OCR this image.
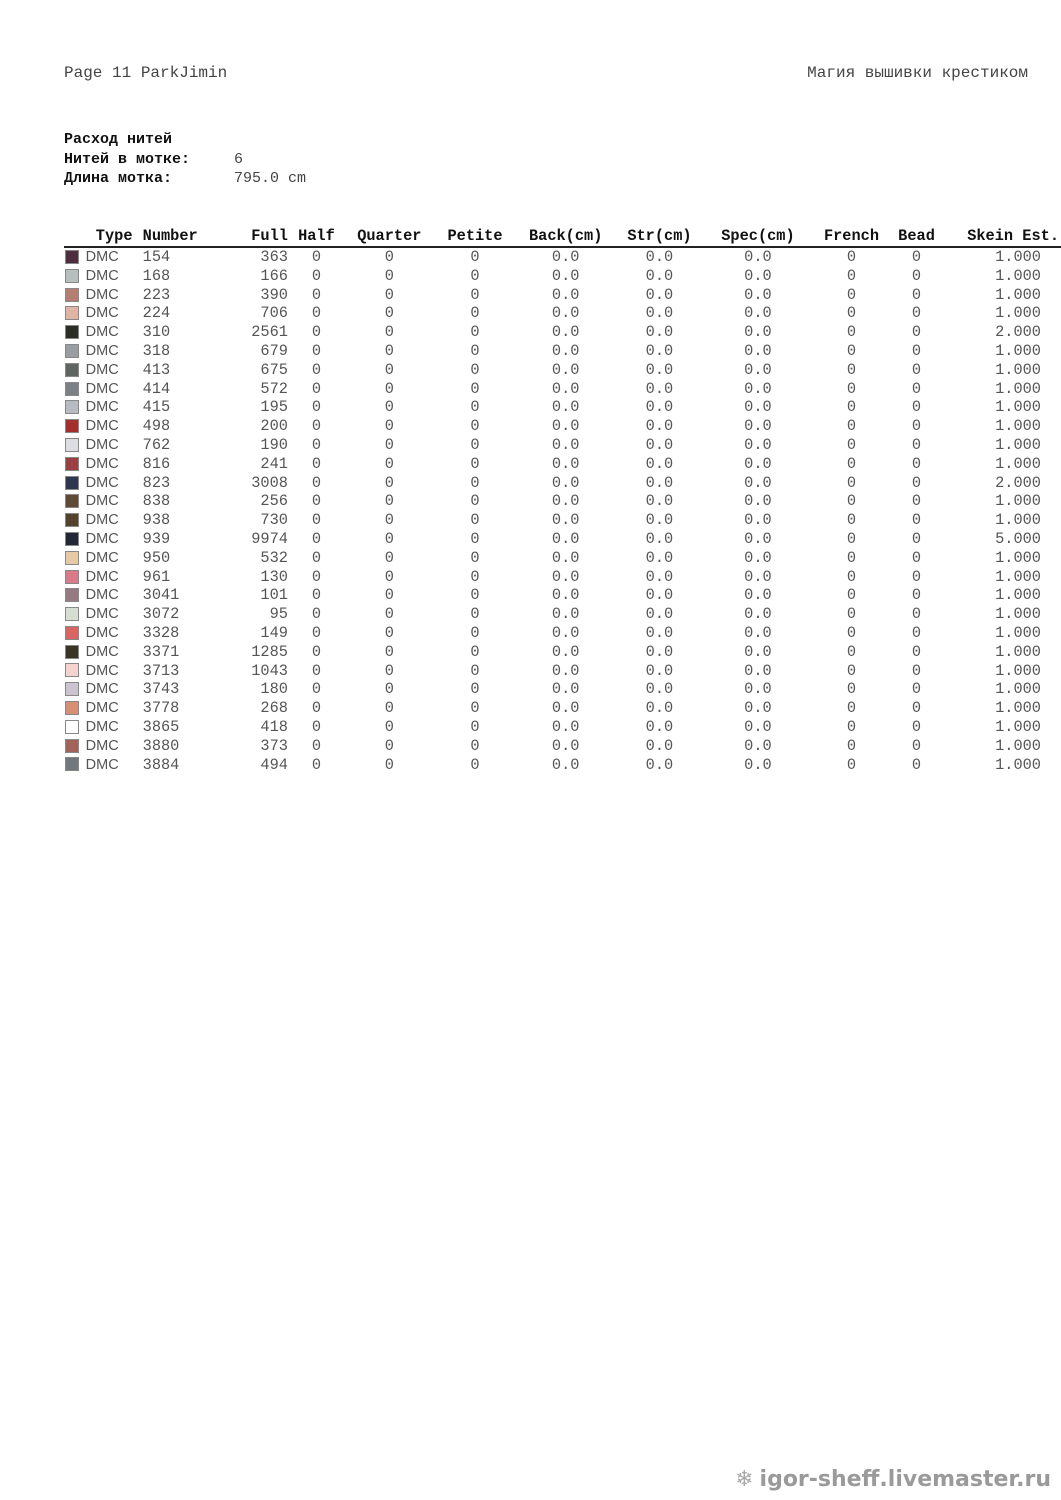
Page 11 ParkJimin	Магия вышивки крестиком
Расход нитей
Нитей в мотке:	6
Длина мотка:	795.0 cm
	Type	Number	Full	Half	Quarter	Petite	Back(cm)	Str(cm)	Spec(cm)	French	Bead	Skein Est.
	DMC	154	363	0	0	0	0.0	0.0	0.0	0	0	1.000
	DMC	168	166	0	0	0	0.0	0.0	0.0	0	0	1.000
	DMC	223	390	0	0	0	0.0	0.0	0.0	0	0	1.000
	DMC	224	706	0	0	0	0.0	0.0	0.0	0	0	1.000
	DMC	310	2561	0	0	0	0.0	0.0	0.0	0	0	2.000
	DMC	318	679	0	0	0	0.0	0.0	0.0	0	0	1.000
	DMC	413	675	0	0	0	0.0	0.0	0.0	0	0	1.000
	DMC	414	572	0	0	0	0.0	0.0	0.0	0	0	1.000
	DMC	415	195	0	0	0	0.0	0.0	0.0	0	0	1.000
	DMC	498	200	0	0	0	0.0	0.0	0.0	0	0	1.000
	DMC	762	190	0	0	0	0.0	0.0	0.0	0	0	1.000
	DMC	816	241	0	0	0	0.0	0.0	0.0	0	0	1.000
	DMC	823	3008	0	0	0	0.0	0.0	0.0	0	0	2.000
	DMC	838	256	0	0	0	0.0	0.0	0.0	0	0	1.000
	DMC	938	730	0	0	0	0.0	0.0	0.0	0	0	1.000
	DMC	939	9974	0	0	0	0.0	0.0	0.0	0	0	5.000
	DMC	950	532	0	0	0	0.0	0.0	0.0	0	0	1.000
	DMC	961	130	0	0	0	0.0	0.0	0.0	0	0	1.000
	DMC	3041	101	0	0	0	0.0	0.0	0.0	0	0	1.000
	DMC	3072	95	0	0	0	0.0	0.0	0.0	0	0	1.000
	DMC	3328	149	0	0	0	0.0	0.0	0.0	0	0	1.000
	DMC	3371	1285	0	0	0	0.0	0.0	0.0	0	0	1.000
	DMC	3713	1043	0	0	0	0.0	0.0	0.0	0	0	1.000
	DMC	3743	180	0	0	0	0.0	0.0	0.0	0	0	1.000
	DMC	3778	268	0	0	0	0.0	0.0	0.0	0	0	1.000
	DMC	3865	418	0	0	0	0.0	0.0	0.0	0	0	1.000
	DMC	3880	373	0	0	0	0.0	0.0	0.0	0	0	1.000
	DMC	3884	494	0	0	0	0.0	0.0	0.0	0	0	1.000
❄ igor-sheff.livemaster.ru
